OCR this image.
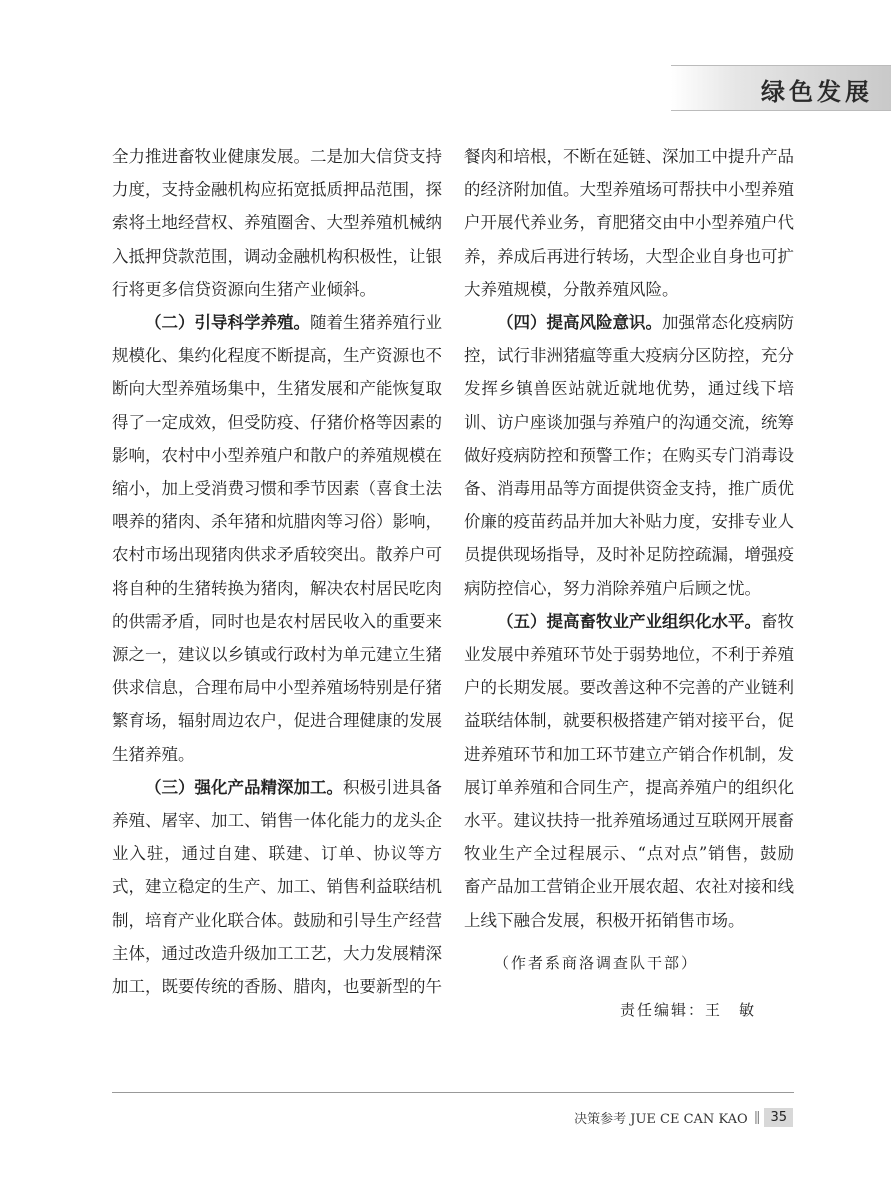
绿色发展

全力推进畜牧业健康发展。二是加大信贷支持力度，支持金融机构应拓宽抵质押品范围，探索将土地经营权、养殖圈舍、大型养殖机械纳入抵押贷款范围，调动金融机构积极性，让银行将更多信贷资源向生猪产业倾斜。

（二）引导科学养殖。随着生猪养殖行业规模化、集约化程度不断提高，生产资源也不断向大型养殖场集中，生猪发展和产能恢复取得了一定成效，但受防疫、仔猪价格等因素的影响，农村中小型养殖户和散户的养殖规模在缩小，加上受消费习惯和季节因素（喜食土法喂养的猪肉、杀年猪和炕腊肉等习俗）影响，农村市场出现猪肉供求矛盾较突出。散养户可将自种的生猪转换为猪肉，解决农村居民吃肉的供需矛盾，同时也是农村居民收入的重要来源之一，建议以乡镇或行政村为单元建立生猪供求信息，合理布局中小型养殖场特别是仔猪繁育场，辐射周边农户，促进合理健康的发展生猪养殖。

（三）强化产品精深加工。积极引进具备养殖、屠宰、加工、销售一体化能力的龙头企业入驻，通过自建、联建、订单、协议等方式，建立稳定的生产、加工、销售利益联结机制，培育产业化联合体。鼓励和引导生产经营主体，通过改造升级加工工艺，大力发展精深加工，既要传统的香肠、腊肉，也要新型的午

餐肉和培根，不断在延链、深加工中提升产品的经济附加值。大型养殖场可帮扶中小型养殖户开展代养业务，育肥猪交由中小型养殖户代养，养成后再进行转场，大型企业自身也可扩大养殖规模，分散养殖风险。

（四）提高风险意识。加强常态化疫病防控，试行非洲猪瘟等重大疫病分区防控，充分发挥乡镇兽医站就近就地优势，通过线下培训、访户座谈加强与养殖户的沟通交流，统筹做好疫病防控和预警工作；在购买专门消毒设备、消毒用品等方面提供资金支持，推广质优价廉的疫苗药品并加大补贴力度，安排专业人员提供现场指导，及时补足防控疏漏，增强疫病防控信心，努力消除养殖户后顾之忧。

（五）提高畜牧业产业组织化水平。畜牧业发展中养殖环节处于弱势地位，不利于养殖户的长期发展。要改善这种不完善的产业链利益联结体制，就要积极搭建产销对接平台，促进养殖环节和加工环节建立产销合作机制，发展订单养殖和合同生产，提高养殖户的组织化水平。建议扶持一批养殖场通过互联网开展畜牧业生产全过程展示、“点对点”销售，鼓励畜产品加工营销企业开展农超、农社对接和线上线下融合发展，积极开拓销售市场。

（作者系商洛调查队干部）
责任编辑：王　敏
决策参考 JUE CE CAN KAO || 35
